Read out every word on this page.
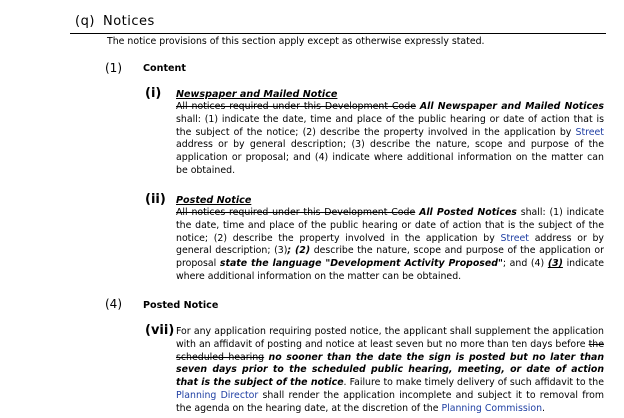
(q) Notices
The notice provisions of this section apply except as otherwise expressly stated.
(1) Content
(i) Newspaper and Mailed Notice
All notices required under this Development Code All Newspaper and Mailed Notices shall: (1) indicate the date, time and place of the public hearing or date of action that is the subject of the notice; (2) describe the property involved in the application by Street address or by general description; (3) describe the nature, scope and purpose of the application or proposal; and (4) indicate where additional information on the matter can be obtained.
(ii) Posted Notice
All notices required under this Development Code All Posted Notices shall: (1) indicate the date, time and place of the public hearing or date of action that is the subject of the notice; (2) describe the property involved in the application by Street address or by general description; (3); (2) describe the nature, scope and purpose of the application or proposal state the language "Development Activity Proposed"; and (4) (3) indicate where additional information on the matter can be obtained.
(4) Posted Notice
(vii) For any application requiring posted notice, the applicant shall supplement the application with an affidavit of posting and notice at least seven but no more than ten days before the scheduled hearing no sooner than the date the sign is posted but no later than seven days prior to the scheduled public hearing, meeting, or date of action that is the subject of the notice. Failure to make timely delivery of such affidavit to the Planning Director shall render the application incomplete and subject it to removal from the agenda on the hearing date, at the discretion of the Planning Commission.
